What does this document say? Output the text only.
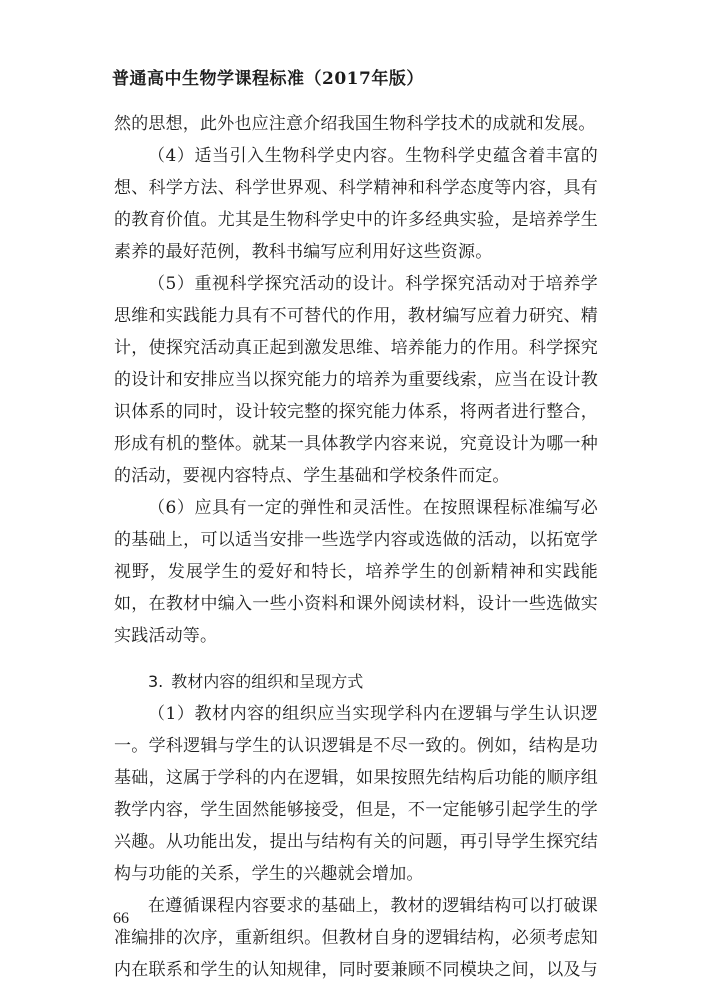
普通高中生物学课程标准（2017年版）
然的思想，此外也应注意介绍我国生物科学技术的成就和发展。
（4）适当引入生物科学史内容。生物科学史蕴含着丰富的
想、科学方法、科学世界观、科学精神和科学态度等内容，具有
的教育价值。尤其是生物科学史中的许多经典实验，是培养学生
素养的最好范例，教科书编写应利用好这些资源。
（5）重视科学探究活动的设计。科学探究活动对于培养学
思维和实践能力具有不可替代的作用，教材编写应着力研究、精
计，使探究活动真正起到激发思维、培养能力的作用。科学探究
的设计和安排应当以探究能力的培养为重要线索，应当在设计教
识体系的同时，设计较完整的探究能力体系，将两者进行整合，
形成有机的整体。就某一具体教学内容来说，究竟设计为哪一种
的活动，要视内容特点、学生基础和学校条件而定。
（6）应具有一定的弹性和灵活性。在按照课程标准编写必
的基础上，可以适当安排一些选学内容或选做的活动，以拓宽学
视野，发展学生的爱好和特长，培养学生的创新精神和实践能
如，在教材中编入一些小资料和课外阅读材料，设计一些选做实
实践活动等。
3. 教材内容的组织和呈现方式
（1）教材内容的组织应当实现学科内在逻辑与学生认识逻
一。学科逻辑与学生的认识逻辑是不尽一致的。例如，结构是功
基础，这属于学科的内在逻辑，如果按照先结构后功能的顺序组
教学内容，学生固然能够接受，但是，不一定能够引起学生的学
兴趣。从功能出发，提出与结构有关的问题，再引导学生探究结
构与功能的关系，学生的兴趣就会增加。
在遵循课程内容要求的基础上，教材的逻辑结构可以打破课
准编排的次序，重新组织。但教材自身的逻辑结构，必须考虑知
内在联系和学生的认知规律，同时要兼顾不同模块之间，以及与
66
